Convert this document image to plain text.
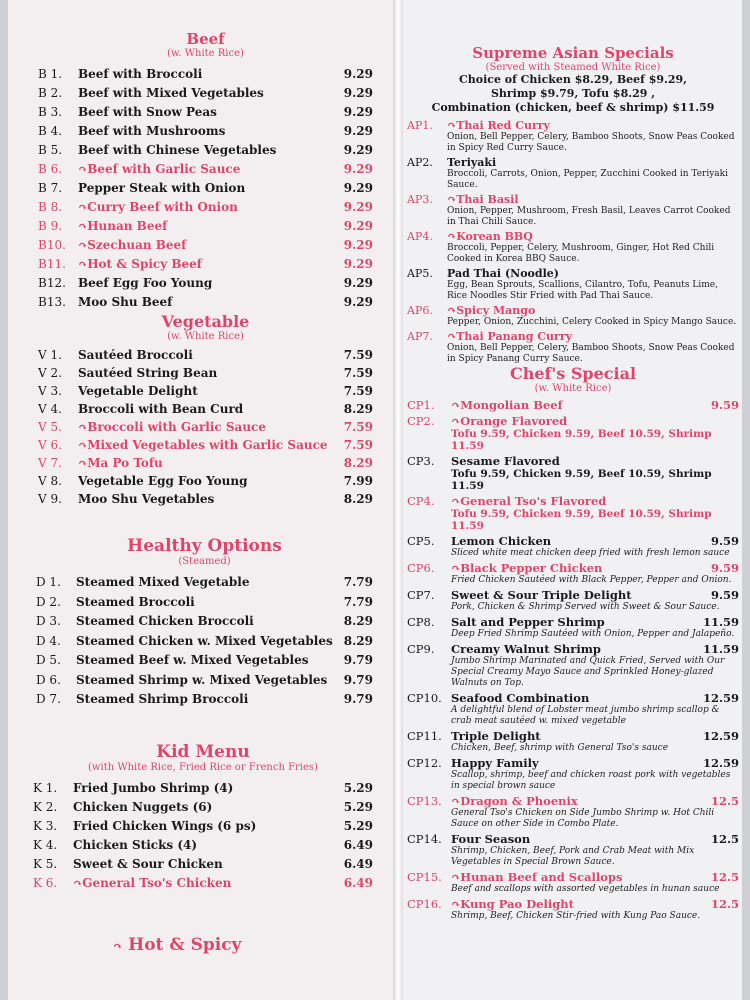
Beef
(w. White Rice)
B 1.	Beef with Broccoli	9.29
B 2.	Beef with Mixed Vegetables	9.29
B 3.	Beef with Snow Peas	9.29
B 4.	Beef with Mushrooms	9.29
B 5.	Beef with Chinese Vegetables	9.29
B 6.	↷ Beef with Garlic Sauce	9.29
B 7.	Pepper Steak with Onion	9.29
B 8.	↷ Curry Beef with Onion	9.29
B 9.	↷ Hunan Beef	9.29
B10.	↷ Szechuan Beef	9.29
B11.	↷ Hot & Spicy Beef	9.29
B12.	Beef Egg Foo Young	9.29
B13.	Moo Shu Beef	9.29
Vegetable
(w. White Rice)
V 1.	Sautéed Broccoli	7.59
V 2.	Sautéed String Bean	7.59
V 3.	Vegetable Delight	7.59
V 4.	Broccoli with Bean Curd	8.29
V 5.	↷ Broccoli with Garlic Sauce	7.59
V 6.	↷ Mixed Vegetables with Garlic Sauce	7.59
V 7.	↷ Ma Po Tofu	8.29
V 8.	Vegetable Egg Foo Young	7.99
V 9.	Moo Shu Vegetables	8.29
Healthy Options
(Steamed)
D 1.	Steamed Mixed Vegetable	7.79
D 2.	Steamed Broccoli	7.79
D 3.	Steamed Chicken Broccoli	8.29
D 4.	Steamed Chicken w. Mixed Vegetables 8.29
D 5.	Steamed Beef w. Mixed Vegetables	9.79
D 6.	Steamed Shrimp w. Mixed Vegetables	9.79
D 7.	Steamed Shrimp Broccoli	9.79
Kid Menu
(with White Rice, Fried Rice or French Fries)
K 1.	Fried Jumbo Shrimp (4)	5.29
K 2.	Chicken Nuggets (6)	5.29
K 3.	Fried Chicken Wings (6 ps)	5.29
K 4.	Chicken Sticks (4)	6.49
K 5.	Sweet & Sour Chicken	6.49
K 6.	↷ General Tso's Chicken	6.49
↷ Hot & Spicy
Supreme Asian Specials
(Served with Steamed White Rice)
Choice of Chicken $8.29, Beef $9.29,
Shrimp $9.79, Tofu $8.29 ,
Combination (chicken, beef & shrimp) $11.59
AP1.	↷ Thai Red Curry
Onion, Bell Pepper, Celery, Bamboo Shoots, Snow Peas Cooked in Spicy Red Curry Sauce.
AP2.	Teriyaki
Broccoli, Carrots, Onion, Pepper, Zucchini Cooked in Teriyaki Sauce.
AP3.	↷ Thai Basil
Onion, Pepper, Mushroom, Fresh Basil, Leaves Carrot Cooked in Thai Chili Sauce.
AP4.	↷ Korean BBQ
Broccoli, Pepper, Celery, Mushroom, Ginger, Hot Red Chili Cooked in Korea BBQ Sauce.
AP5.	Pad Thai (Noodle)
Egg, Bean Sprouts, Scallions, Cilantro, Tofu, Peanuts Lime, Rice Noodles Stir Fried with Pad Thai Sauce.
AP6.	↷ Spicy Mango
Pepper, Onion, Zucchini, Celery Cooked in Spicy Mango Sauce.
AP7.	↷ Thai Panang Curry
Onion, Bell Pepper, Celery, Bamboo Shoots, Snow Peas Cooked in Spicy Panang Curry Sauce.
Chef's Special
(w. White Rice)
CP1.	↷ Mongolian Beef	9.59
CP2.	↷ Orange Flavored
Tofu 9.59, Chicken 9.59, Beef 10.59, Shrimp 11.59
CP3.	Sesame Flavored
Tofu 9.59, Chicken 9.59, Beef 10.59, Shrimp 11.59
CP4.	↷ General Tso's Flavored
Tofu 9.59, Chicken 9.59, Beef 10.59, Shrimp 11.59
CP5.	Lemon Chicken	9.59
Sliced white meat chicken deep fried with fresh lemon sauce
CP6.	↷ Black Pepper Chicken	9.59
Fried Chicken Sautéed with Black Pepper, Pepper and Onion.
CP7.	Sweet & Sour Triple Delight	9.59
Pork, Chicken & Shrimp Served with Sweet & Sour Sauce.
CP8.	Salt and Pepper Shrimp	11.59
Deep Fried Shrimp Sautéed with Onion, Pepper and Jalapeño.
CP9.	Creamy Walnut Shrimp	11.59
Jumbo Shrimp Marinated and Quick Fried, Served with Our Special Creamy Mayo Sauce and Sprinkled Honey-glazed Walnuts on Top.
CP10. Seafood Combination	12.59
A delightful blend of Lobster meat jumbo shrimp scallop & crab meat sautéed w. mixed vegetable
CP11. Triple Delight	12.59
Chicken, Beef, shrimp with General Tso's sauce
CP12. Happy Family	12.59
Scallop, shrimp, beef and chicken roast pork with vegetables in special brown sauce
CP13. ↷ Dragon & Phoenix	12.5
General Tso's Chicken on Side Jumbo Shrimp w. Hot Chili Sauce on other Side in Combo Plate.
CP14. Four Season	12.5
Shrimp, Chicken, Beef, Pork and Crab Meat with Mix Vegetables in Special Brown Sauce.
CP15. ↷ Hunan Beef and Scallops	12.5
Beef and scallops with assorted vegetables in hunan sauce
CP16. ↷ Kung Pao Delight	12.5
Shrimp, Beef, Chicken Stir-fried with Kung Pao Sauce.
